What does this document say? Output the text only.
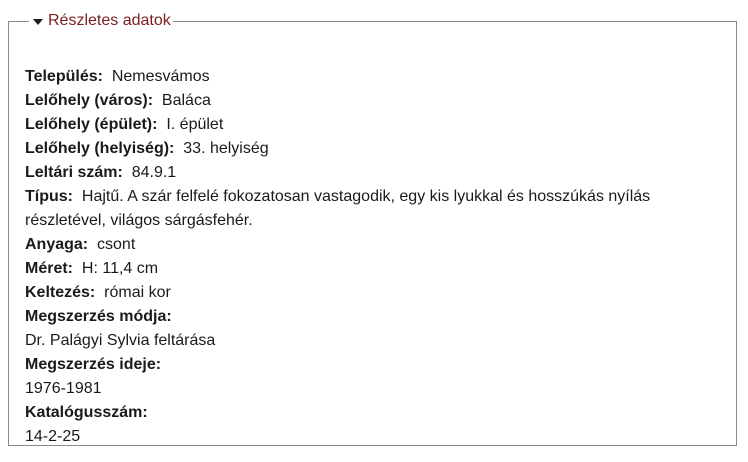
Részletes adatok
Település: Nemesvámos
Lelőhely (város): Baláca
Lelőhely (épület): I. épület
Lelőhely (helyiség): 33. helyiség
Leltári szám: 84.9.1
Típus: Hajtű. A szár felfelé fokozatosan vastagodik, egy kis lyukkal és hosszúkás nyílás részletével, világos sárgásfehér.
Anyaga: csont
Méret: H: 11,4 cm
Keltezés: római kor
Megszerzés módja:
Dr. Palágyi Sylvia feltárása
Megszerzés ideje:
1976-1981
Katalógusszám:
14-2-25
